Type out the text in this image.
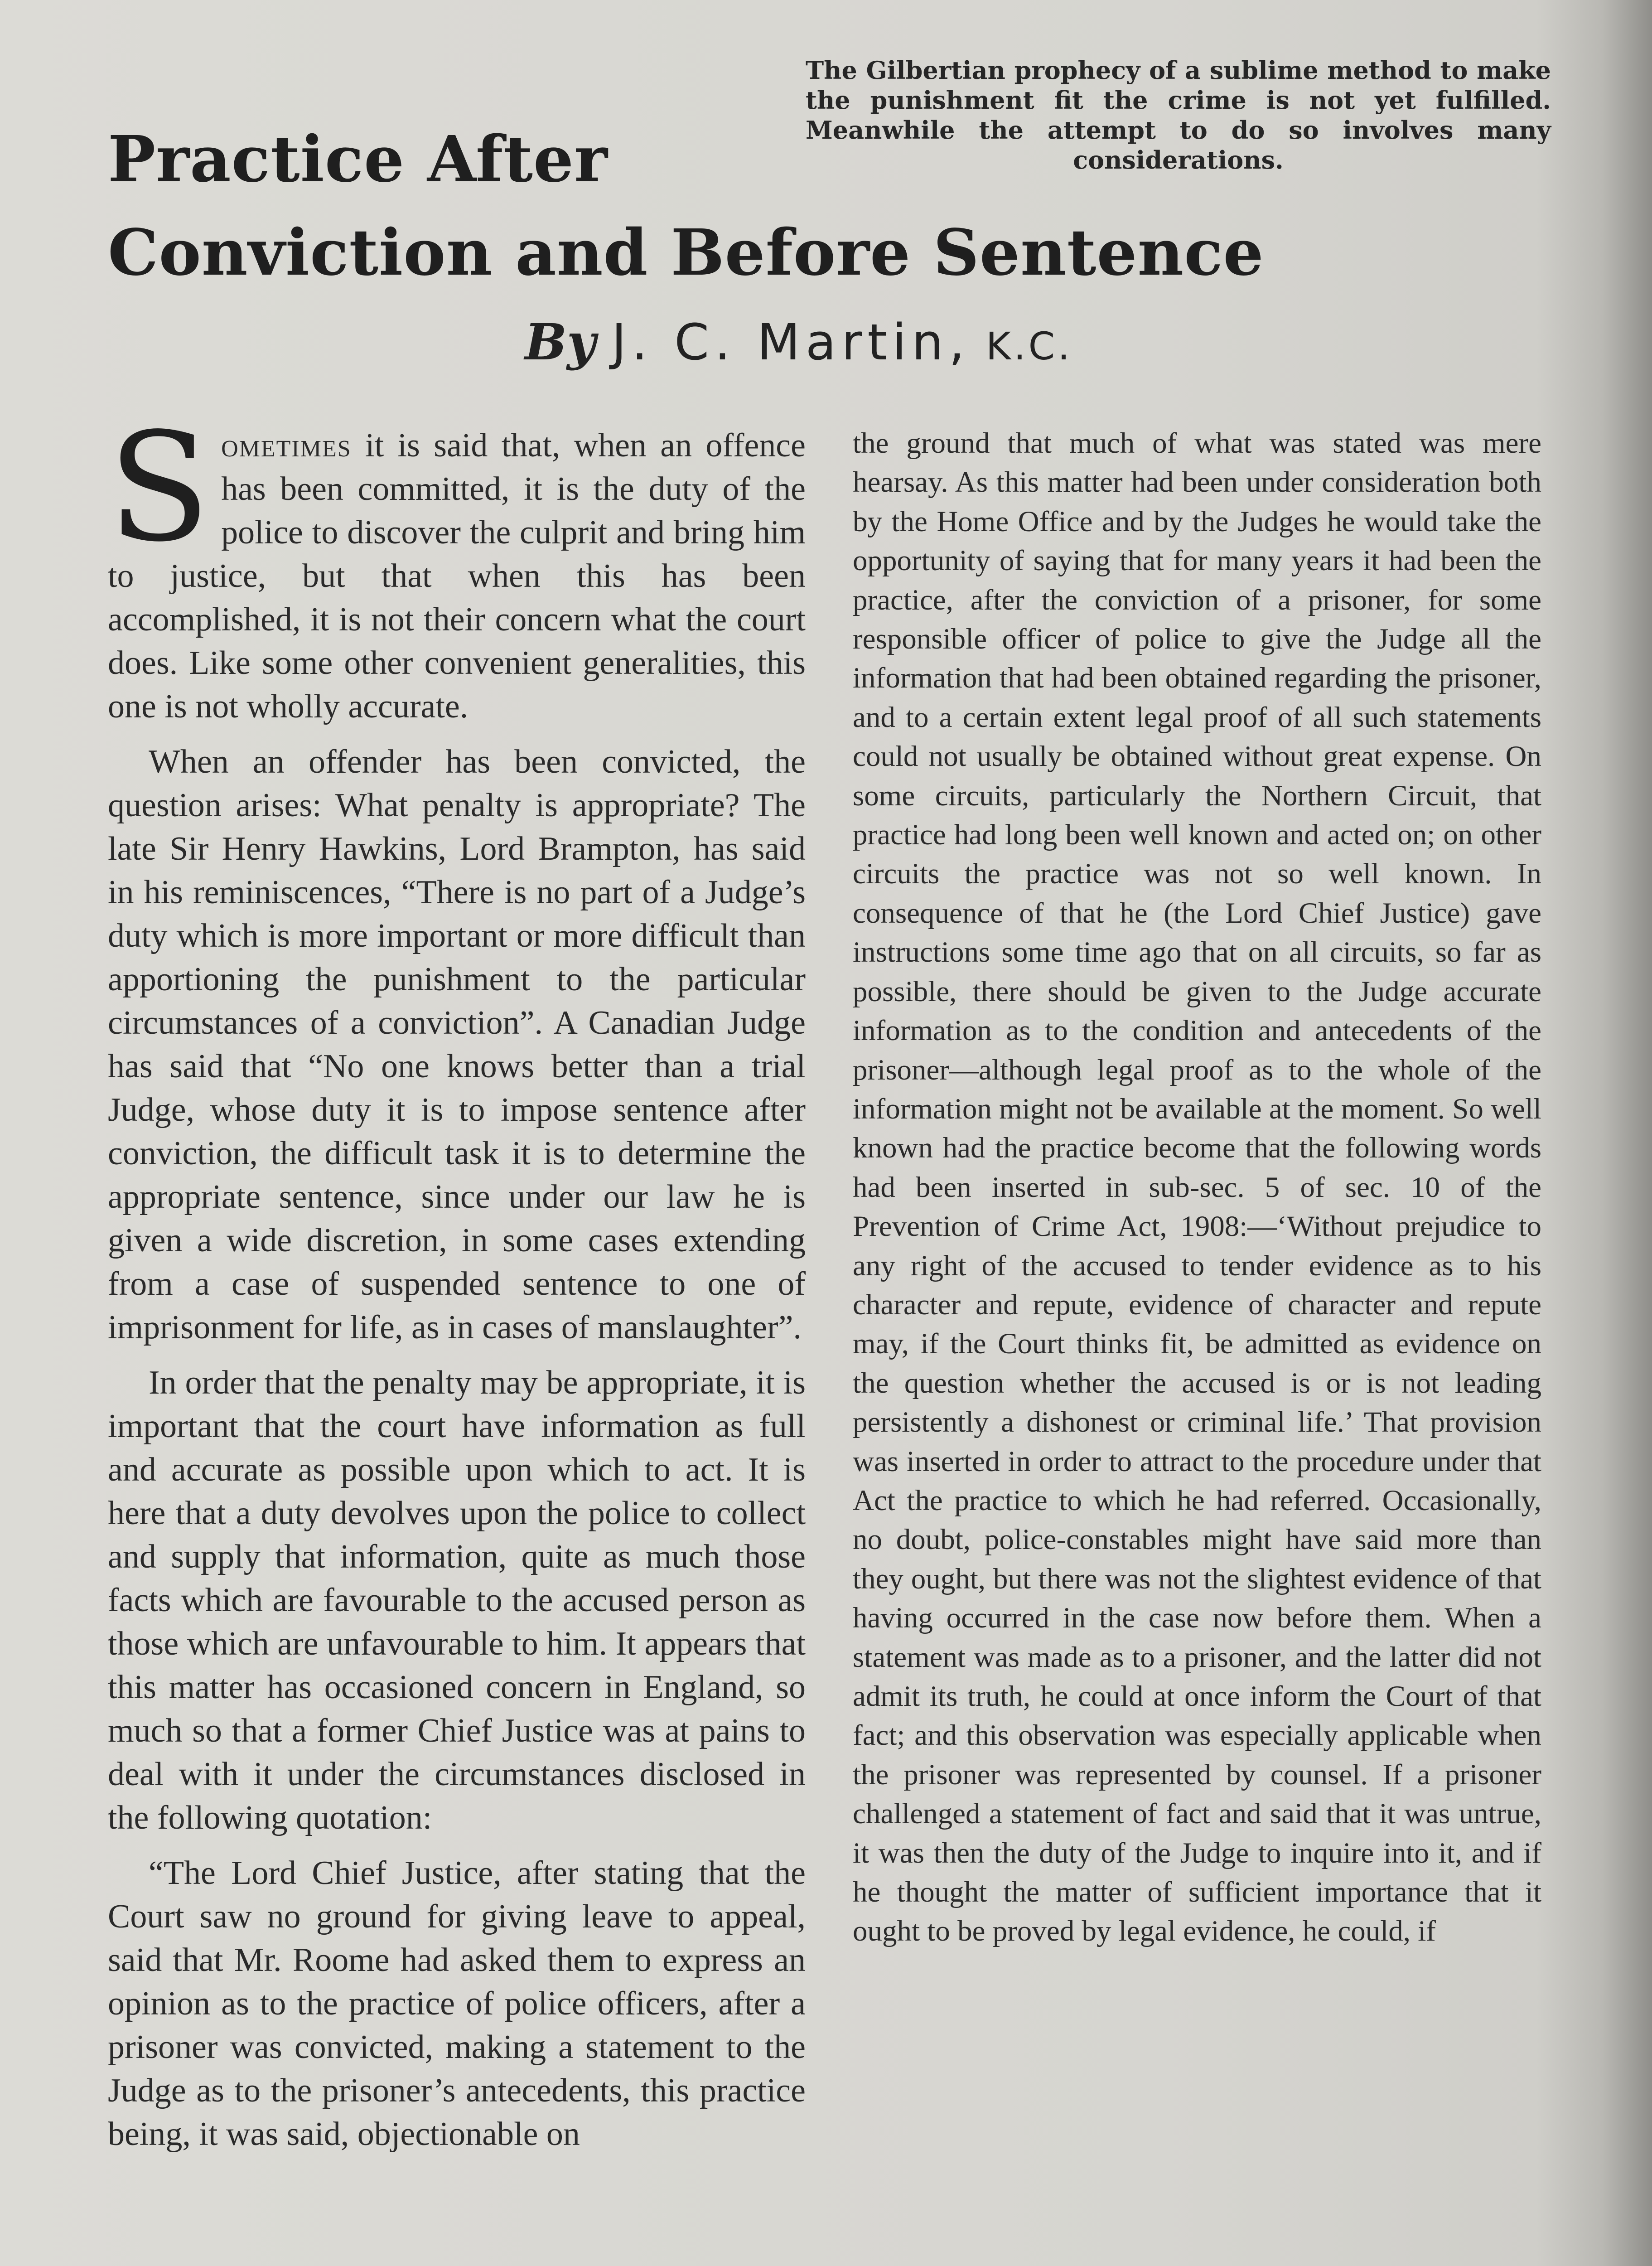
The Gilbertian prophecy of a sublime method to make the punishment fit the crime is not yet fulfilled. Meanwhile the attempt to do so involves many considerations.
Practice After
Conviction and Before Sentence
By J. C. Martin, K.C.

Sometimes it is said that, when an offence has been committed, it is the duty of the police to discover the culprit and bring him to justice, but that when this has been accomplished, it is not their concern what the court does. Like some other convenient generalities, this one is not wholly accurate.

When an offender has been convicted, the question arises: What penalty is appropriate? The late Sir Henry Hawkins, Lord Brampton, has said in his reminiscences, “There is no part of a Judge’s duty which is more important or more difficult than apportioning the punishment to the particular circumstances of a conviction”. A Canadian Judge has said that “No one knows better than a trial Judge, whose duty it is to impose sentence after conviction, the difficult task it is to determine the appropriate sentence, since under our law he is given a wide discretion, in some cases extending from a case of suspended sentence to one of imprisonment for life, as in cases of manslaughter”.

In order that the penalty may be appropriate, it is important that the court have information as full and accurate as possible upon which to act. It is here that a duty devolves upon the police to collect and supply that information, quite as much those facts which are favourable to the accused person as those which are unfavourable to him. It appears that this matter has occasioned concern in England, so much so that a former Chief Justice was at pains to deal with it under the circumstances disclosed in the following quotation:

“The Lord Chief Justice, after stating that the Court saw no ground for giving leave to appeal, said that Mr. Roome had asked them to express an opinion as to the practice of police officers, after a prisoner was convicted, making a statement to the Judge as to the prisoner’s antecedents, this practice being, it was said, objectionable on

the ground that much of what was stated was mere hearsay. As this matter had been under consideration both by the Home Office and by the Judges he would take the opportunity of saying that for many years it had been the practice, after the conviction of a prisoner, for some responsible officer of police to give the Judge all the information that had been obtained regarding the prisoner, and to a certain extent legal proof of all such statements could not usually be obtained without great expense. On some circuits, particularly the Northern Circuit, that practice had long been well known and acted on; on other circuits the practice was not so well known. In consequence of that he (the Lord Chief Justice) gave instructions some time ago that on all circuits, so far as possible, there should be given to the Judge accurate information as to the condition and antecedents of the prisoner—although legal proof as to the whole of the information might not be available at the moment. So well known had the practice become that the following words had been inserted in sub-sec. 5 of sec. 10 of the Prevention of Crime Act, 1908:—‘Without prejudice to any right of the accused to tender evidence as to his character and repute, evidence of character and repute may, if the Court thinks fit, be admitted as evidence on the question whether the accused is or is not leading persistently a dishonest or criminal life.’ That provision was inserted in order to attract to the procedure under that Act the practice to which he had referred. Occasionally, no doubt, police-constables might have said more than they ought, but there was not the slightest evidence of that having occurred in the case now before them. When a statement was made as to a prisoner, and the latter did not admit its truth, he could at once inform the Court of that fact; and this observation was especially applicable when the prisoner was represented by counsel. If a prisoner challenged a statement of fact and said that it was untrue, it was then the duty of the Judge to inquire into it, and if he thought the matter of sufficient importance that it ought to be proved by legal evidence, he could, if
